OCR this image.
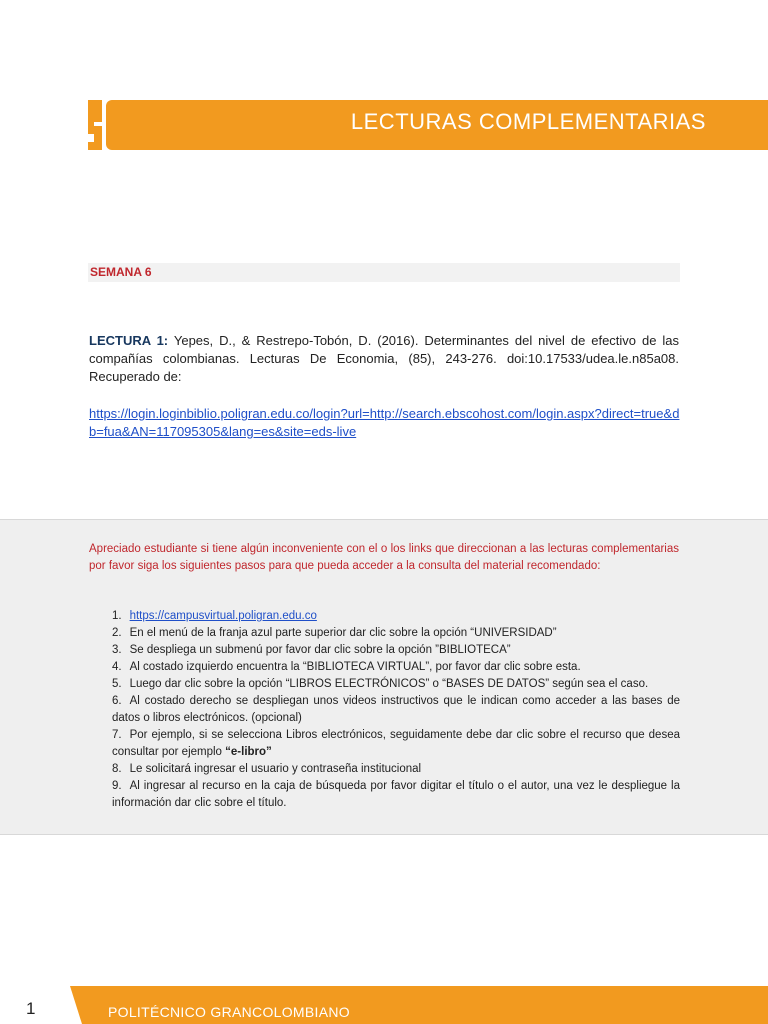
LECTURAS COMPLEMENTARIAS
SEMANA 6
LECTURA 1: Yepes, D., & Restrepo-Tobón, D. (2016). Determinantes del nivel de efectivo de las compañías colombianas. Lecturas De Economia, (85), 243-276. doi:10.17533/udea.le.n85a08. Recuperado de:
https://login.loginbiblio.poligran.edu.co/login?url=http://search.ebscohost.com/login.aspx?direct=true&db=fua&AN=117095305&lang=es&site=eds-live
Apreciado estudiante si tiene algún inconveniente con el o los links que direccionan a las lecturas complementarias por favor siga los siguientes pasos para que pueda acceder a la consulta del material recomendado:
1. https://campusvirtual.poligran.edu.co
2. En el menú de la franja azul parte superior dar clic sobre la opción “UNIVERSIDAD”
3. Se despliega un submenú por favor dar clic sobre la opción ”BIBLIOTECA”
4. Al costado izquierdo encuentra la “BIBLIOTECA VIRTUAL”, por favor dar clic sobre esta.
5. Luego dar clic sobre la opción “LIBROS ELECTRÓNICOS” o “BASES DE DATOS” según sea el caso.
6. Al costado derecho se despliegan unos videos instructivos que le indican como acceder a las bases de datos o libros electrónicos. (opcional)
7. Por ejemplo, si se selecciona Libros electrónicos, seguidamente debe dar clic sobre el recurso que desea consultar por ejemplo “e-libro”
8. Le solicitará ingresar el usuario y contraseña institucional
9. Al ingresar al recurso en la caja de búsqueda por favor digitar el título o el autor, una vez le despliegue la información dar clic sobre el título.
1	POLITÉCNICO GRANCOLOMBIANO
